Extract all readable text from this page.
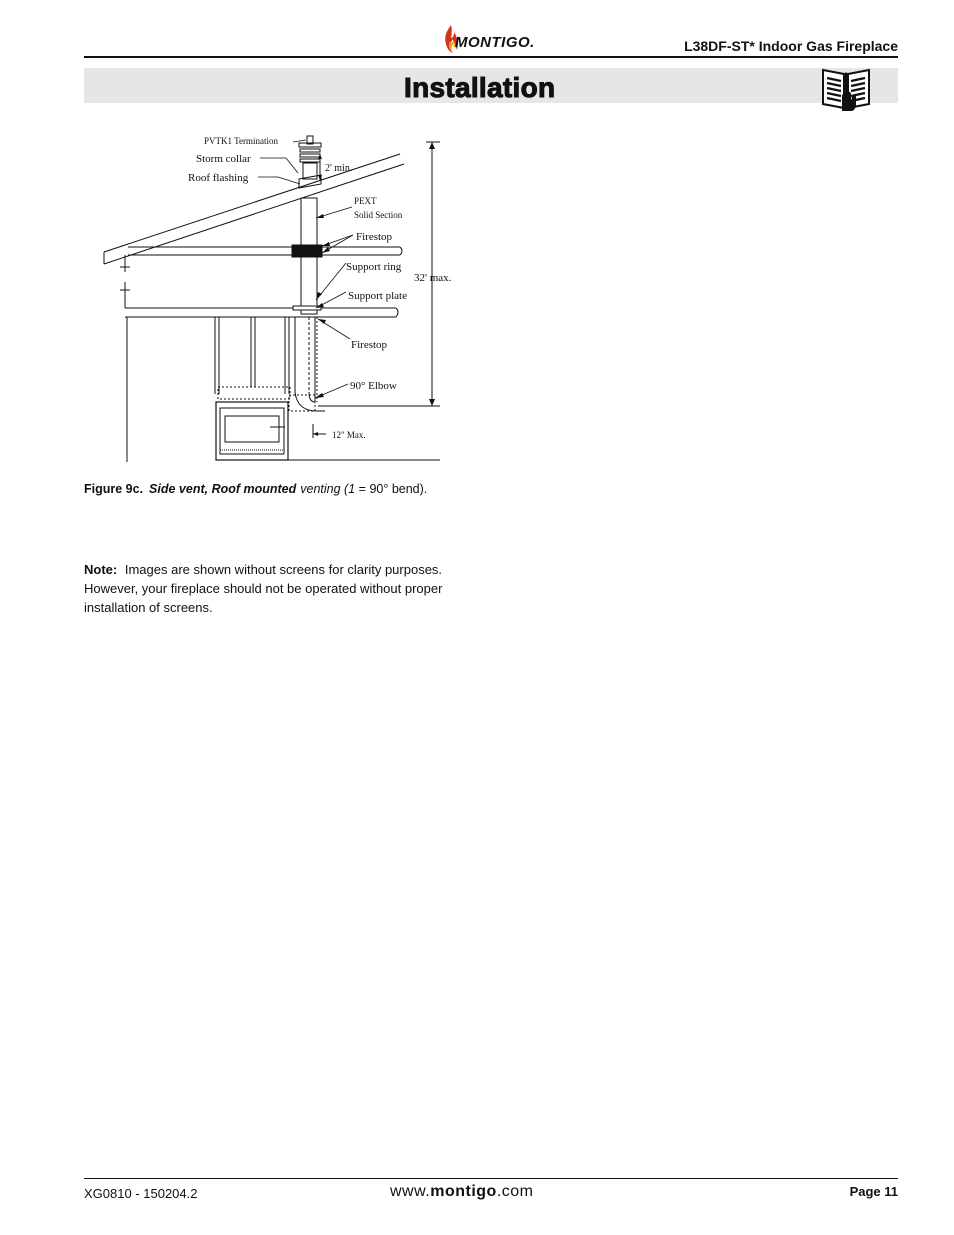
MONTIGO.	L38DF-ST* Indoor Gas Fireplace
Installation
PVTK1 Termination
Storm collar
Roof flashing
2' min.
PEXT
Solid Section
Firestop
Support ring
32' max.
Support plate
Firestop
90° Elbow
12" Max.
Figure 9c. Side vent, Roof mounted venting (1 = 90° bend).
Note: Images are shown without screens for clarity purposes. However, your fireplace should not be operated without proper installation of screens.
XG0810 - 150204.2	www.montigo.com	Page 11
